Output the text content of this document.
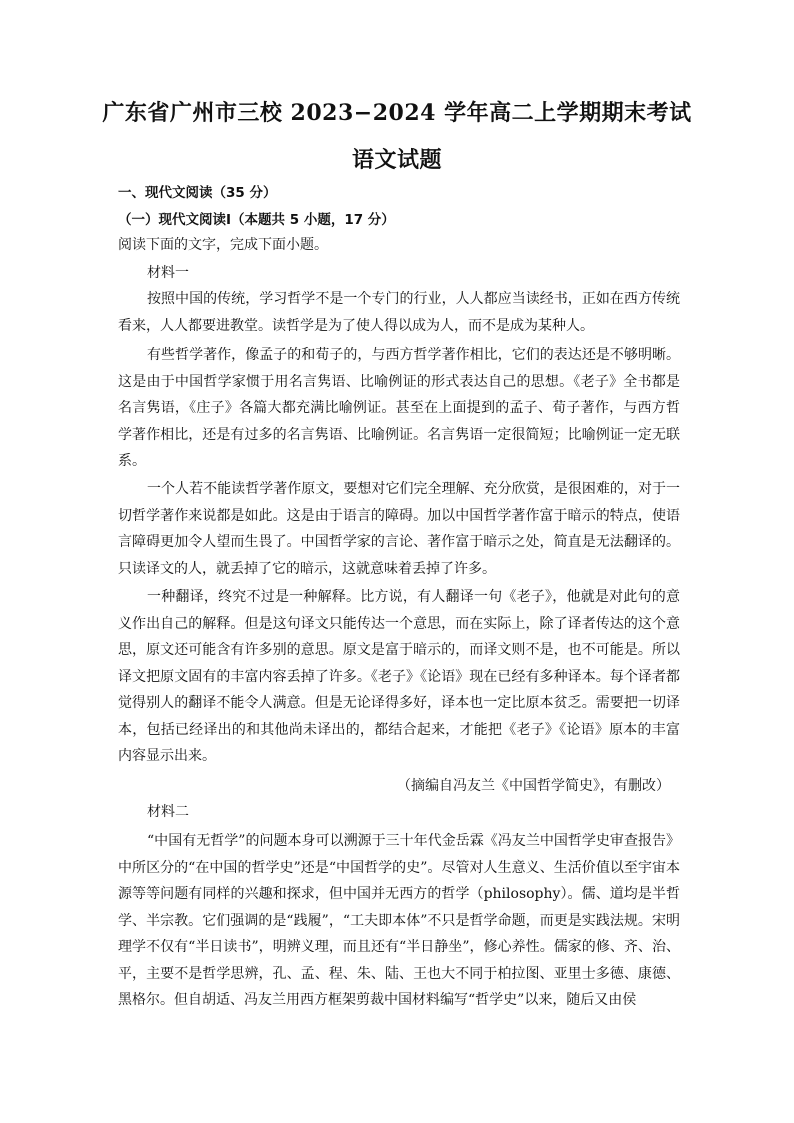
广东省广州市三校 2023−2024 学年高二上学期期末考试
语文试题
一、现代文阅读（35 分）
（一）现代文阅读Ⅰ（本题共 5 小题，17 分）
阅读下面的文字，完成下面小题。
材料一

按照中国的传统，学习哲学不是一个专门的行业，人人都应当读经书，正如在西方传统看来，人人都要进教堂。读哲学是为了使人得以成为人，而不是成为某种人。

有些哲学著作，像孟子的和荀子的，与西方哲学著作相比，它们的表达还是不够明晰。这是由于中国哲学家惯于用名言隽语、比喻例证的形式表达自己的思想。《老子》全书都是名言隽语，《庄子》各篇大都充满比喻例证。甚至在上面提到的孟子、荀子著作，与西方哲学著作相比，还是有过多的名言隽语、比喻例证。名言隽语一定很简短；比喻例证一定无联系。

一个人若不能读哲学著作原文，要想对它们完全理解、充分欣赏，是很困难的，对于一切哲学著作来说都是如此。这是由于语言的障碍。加以中国哲学著作富于暗示的特点，使语言障碍更加令人望而生畏了。中国哲学家的言论、著作富于暗示之处，简直是无法翻译的。只读译文的人，就丢掉了它的暗示，这就意味着丢掉了许多。

一种翻译，终究不过是一种解释。比方说，有人翻译一句《老子》，他就是对此句的意义作出自己的解释。但是这句译文只能传达一个意思，而在实际上，除了译者传达的这个意思，原文还可能含有许多别的意思。原文是富于暗示的，而译文则不是，也不可能是。所以译文把原文固有的丰富内容丢掉了许多。《老子》《论语》现在已经有多种译本。每个译者都觉得别人的翻译不能令人满意。但是无论译得多好，译本也一定比原本贫乏。需要把一切译本，包括已经译出的和其他尚未译出的，都结合起来，才能把《老子》《论语》原本的丰富内容显示出来。

（摘编自冯友兰《中国哲学简史》，有删改）
材料二

“中国有无哲学”的问题本身可以溯源于三十年代金岳霖《冯友兰中国哲学史审查报告》中所区分的“在中国的哲学史”还是“中国哲学的史”。尽管对人生意义、生活价值以至宇宙本源等等问题有同样的兴趣和探求，但中国并无西方的哲学（philosophy）。儒、道均是半哲学、半宗教。它们强调的是“践履”，“工夫即本体”不只是哲学命题，而更是实践法规。宋明理学不仅有“半日读书”，明辨义理，而且还有“半日静坐”，修心养性。儒家的修、齐、治、平，主要不是哲学思辨，孔、孟、程、朱、陆、王也大不同于柏拉图、亚里士多德、康德、黑格尔。但自胡适、冯友兰用西方框架剪裁中国材料编写“哲学史”以来，随后又由侯
